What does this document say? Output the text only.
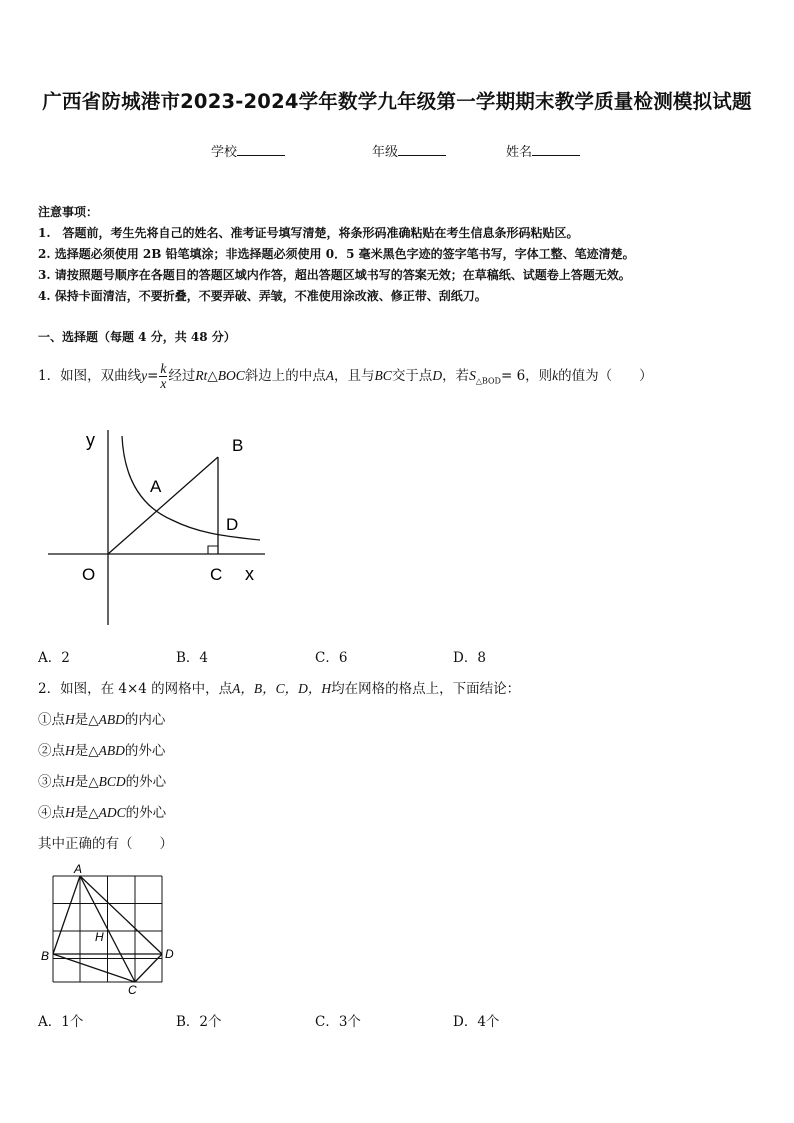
广西省防城港市2023-2024学年数学九年级第一学期期末教学质量检测模拟试题
学校	年级	姓名
注意事项：
1.　答题前，考生先将自己的姓名、准考证号填写清楚，将条形码准确粘贴在考生信息条形码粘贴区。
2. 选择题必须使用 2B 铅笔填涂；非选择题必须使用 0．5 毫米黑色字迹的签字笔书写，字体工整、笔迹清楚。
3. 请按照题号顺序在各题目的答题区域内作答，超出答题区域书写的答案无效；在草稿纸、试题卷上答题无效。
4. 保持卡面清洁，不要折叠，不要弄破、弄皱，不准使用涂改液、修正带、刮纸刀。
一、选择题（每题 4 分，共 48 分）
1．如图，双曲线$y= \frac{k}{x}$ 经过Rt△BOC斜边上的中点A，且与BC交于点D，若$S_{\triangle BOD}= 6$，则k的值为（　　）
y
x
O
A
B
C
D
A．2	B．4	C．6	D．8
2．如图，在 4×4 的网格中，点A，B，C，D，H均在网格的格点上，下面结论：
①点H是△ABD的内心
②点H是△ABD的外心
③点H是△BCD的外心
④点H是△ADC的外心
其中正确的有（　　）
A
B
C
D
H
A．1个	B．2个	C．3个	D．4个
